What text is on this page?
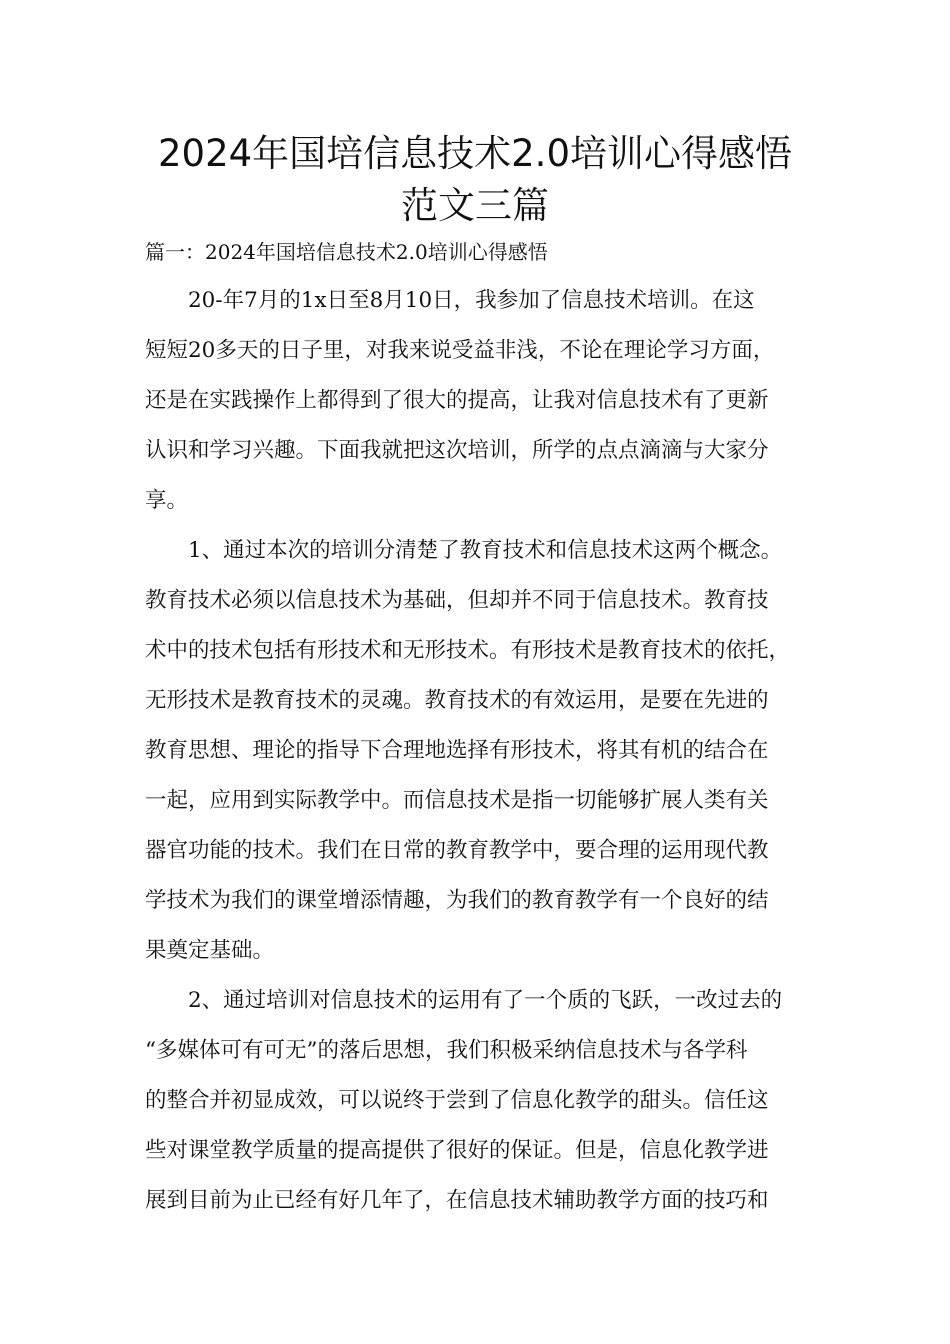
2024年国培信息技术2.0培训心得感悟
范文三篇
篇一：2024年国培信息技术2.0培训心得感悟
　　20-年7月的1x日至8月10日，我参加了信息技术培训。在这
短短20多天的日子里，对我来说受益非浅，不论在理论学习方面，
还是在实践操作上都得到了很大的提高，让我对信息技术有了更新
认识和学习兴趣。下面我就把这次培训，所学的点点滴滴与大家分
享。
　　1、通过本次的培训分清楚了教育技术和信息技术这两个概念。
教育技术必须以信息技术为基础，但却并不同于信息技术。教育技
术中的技术包括有形技术和无形技术。有形技术是教育技术的依托，
无形技术是教育技术的灵魂。教育技术的有效运用，是要在先进的
教育思想、理论的指导下合理地选择有形技术，将其有机的结合在
一起，应用到实际教学中。而信息技术是指一切能够扩展人类有关
器官功能的技术。我们在日常的教育教学中，要合理的运用现代教
学技术为我们的课堂增添情趣，为我们的教育教学有一个良好的结
果奠定基础。
　　2、通过培训对信息技术的运用有了一个质的飞跃，一改过去的
“多媒体可有可无”的落后思想，我们积极采纳信息技术与各学科
的整合并初显成效，可以说终于尝到了信息化教学的甜头。信任这
些对课堂教学质量的提高提供了很好的保证。但是，信息化教学进
展到目前为止已经有好几年了，在信息技术辅助教学方面的技巧和
